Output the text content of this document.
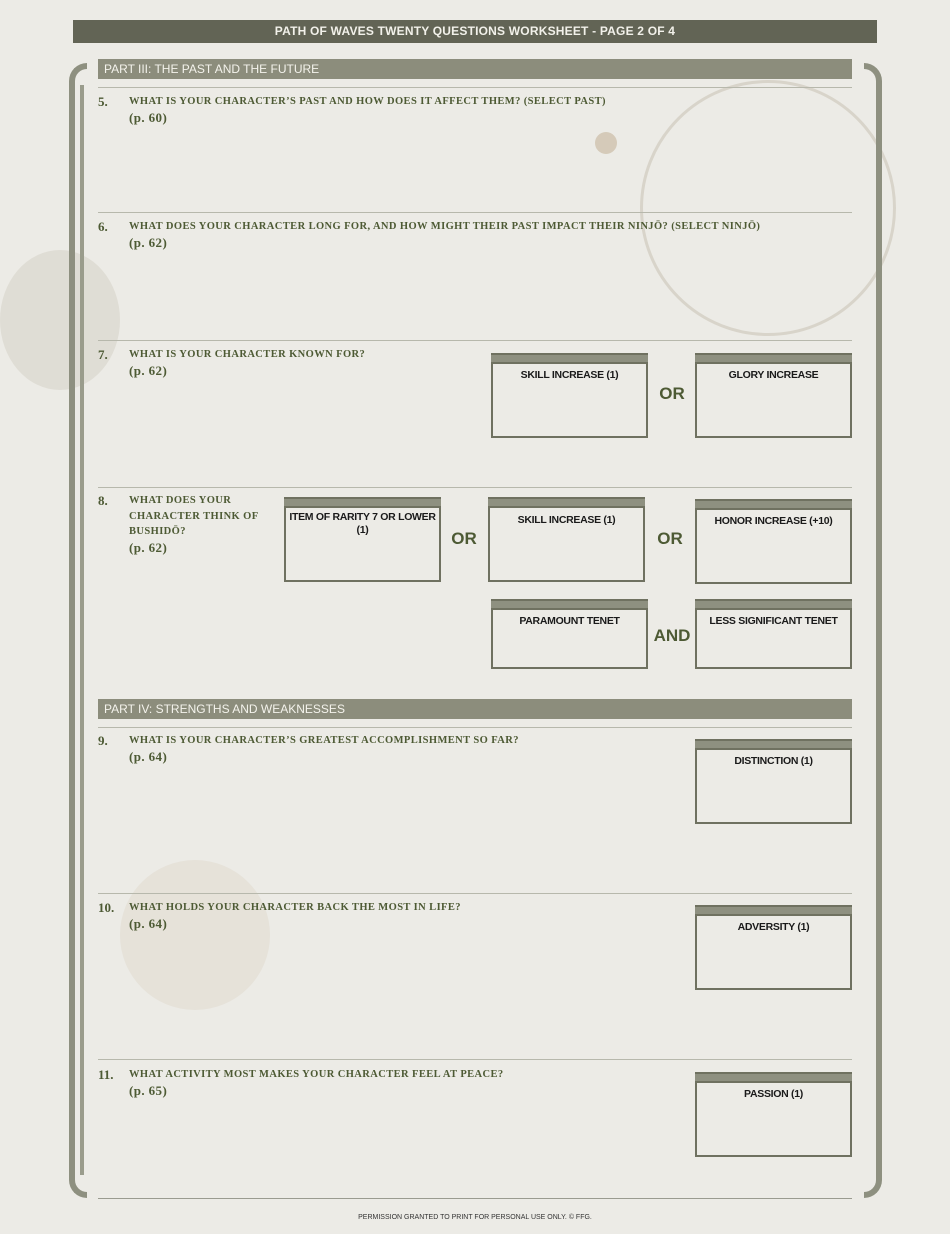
PATH OF WAVES TWENTY QUESTIONS WORKSHEET - PAGE 2 OF 4
PART III: THE PAST AND THE FUTURE
5. WHAT IS YOUR CHARACTER’S PAST AND HOW DOES IT AFFECT THEM? (SELECT PAST)
(p. 60)
6. WHAT DOES YOUR CHARACTER LONG FOR, AND HOW MIGHT THEIR PAST IMPACT THEIR NINJŌ? (SELECT NINJŌ)
(p. 62)
7. WHAT IS YOUR CHARACTER KNOWN FOR?
(p. 62)	SKILL INCREASE (1)
OR
GLORY INCREASE
8. WHAT DOES YOUR CHARACTER THINK OF BUSHIDŌ?
(p. 62)
ITEM OF RARITY 7 OR LOWER (1)	OR
SKILL INCREASE (1)
OR
HONOR INCREASE (+10)
PARAMOUNT TENET
AND
LESS SIGNIFICANT TENET
PART IV: STRENGTHS AND WEAKNESSES
9. WHAT IS YOUR CHARACTER’S GREATEST ACCOMPLISHMENT SO FAR?
(p. 64)	DISTINCTION (1)
10. WHAT HOLDS YOUR CHARACTER BACK THE MOST IN LIFE?
(p. 64)	ADVERSITY (1)
11. WHAT ACTIVITY MOST MAKES YOUR CHARACTER FEEL AT PEACE?
(p. 65)	PASSION (1)
PERMISSION GRANTED TO PRINT FOR PERSONAL USE ONLY. © FFG.
